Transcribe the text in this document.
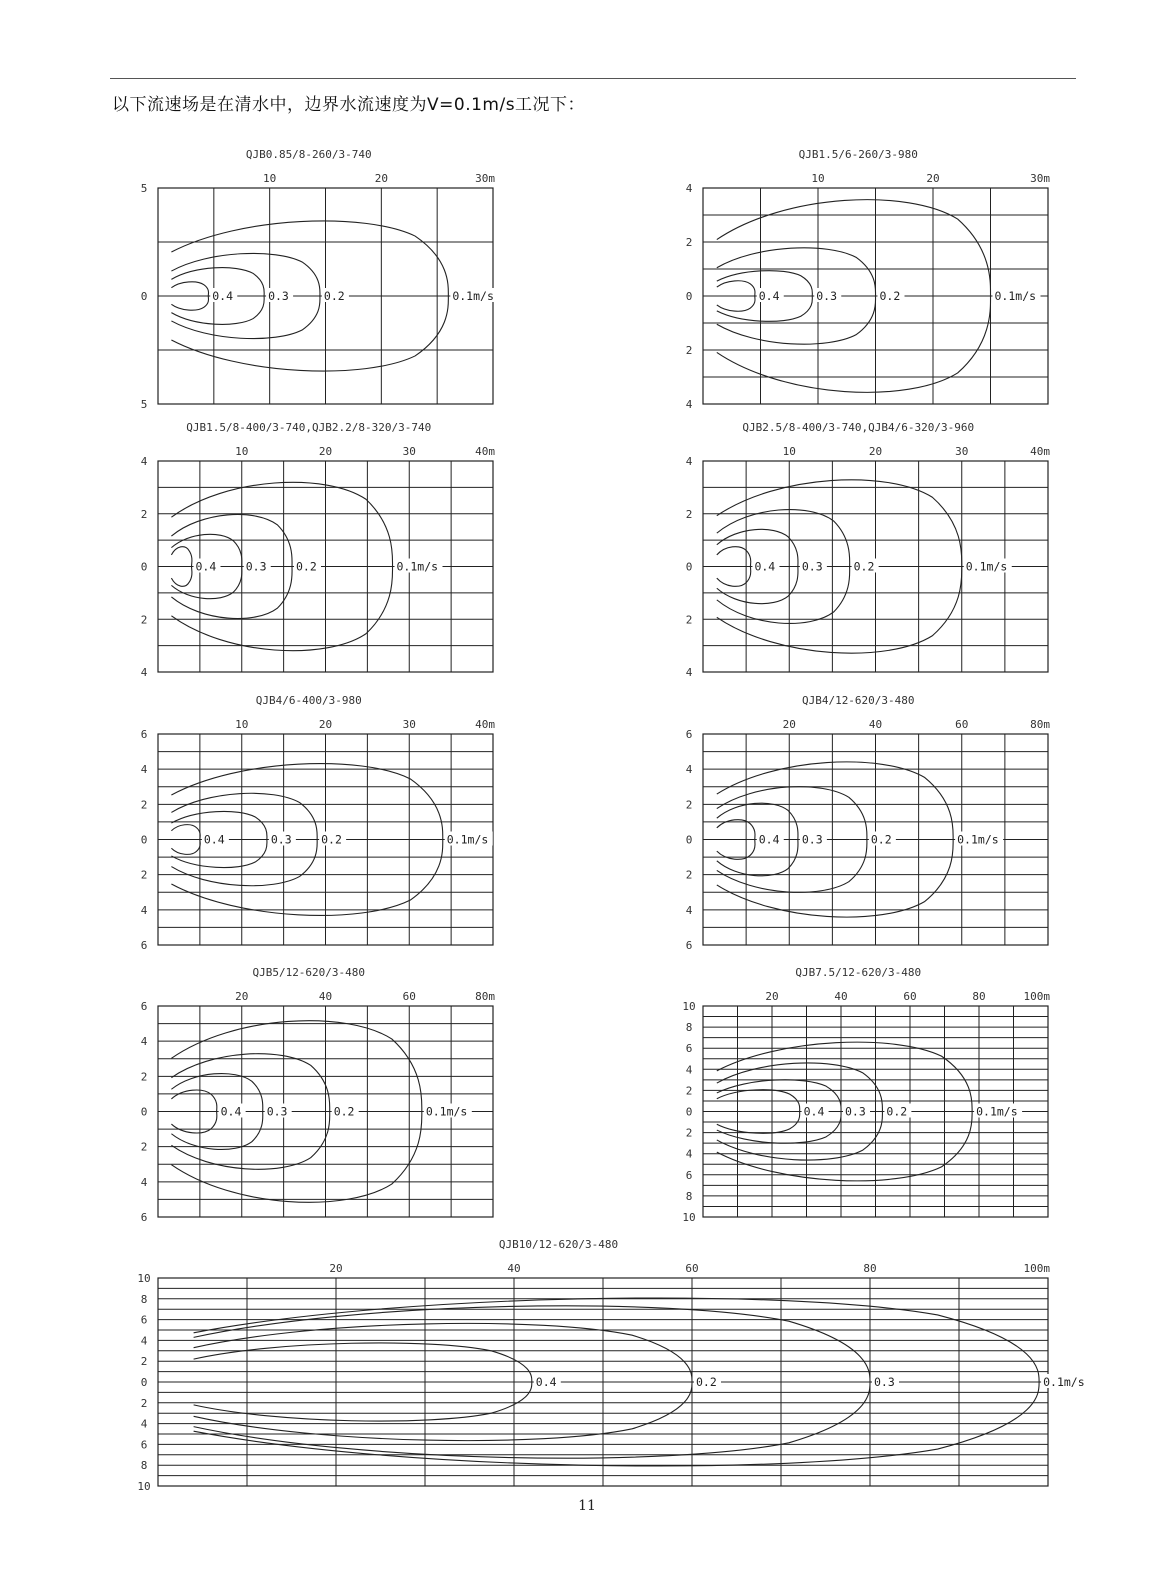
以下流速场是在清水中，边界水流速度为V=0.1m/s工况下：
QJB0.85/8-260/3-740
10	20	30m
5
0
5
0.4	0.3	0.2	0.1m/s
QJB1.5/6-260/3-980
10	20	30m
4
2
0
2
4
0.4	0.3	0.2	0.1m/s
QJB1.5/8-400/3-740,QJB2.2/8-320/3-740
10	20	30	40m
4
2
0
2
4
0.4	0.3	0.2	0.1m/s
QJB2.5/8-400/3-740,QJB4/6-320/3-960
10	20	30	40m
4
2
0
2
4
0.4 0.3	0.2	0.1m/s
QJB4/6-400/3-980
10	20	30	40m
6
4
2
0
2
4
6
0.4	0.3	0.2	0.1m/s
QJB4/12-620/3-480
20	40	60	80m
6
4
2
0
2
4
6
0.4 0.3	0.2	0.1m/s
QJB5/12-620/3-480
20	40	60	80m
6
4
2
0
2
4
6
0.4 0.3	0.2	0.1m/s
QJB7.5/12-620/3-480
20	40	60	80	100m
10
8
6
4
2
0
2
4
6
8
10
0.4 0.3 0.2	0.1m/s
QJB10/12-620/3-480
20	40	60	80	100m
10
8
6
4
2
0
2
4
6
8
10
0.4	0.2	0.3	0.1m/s
11
